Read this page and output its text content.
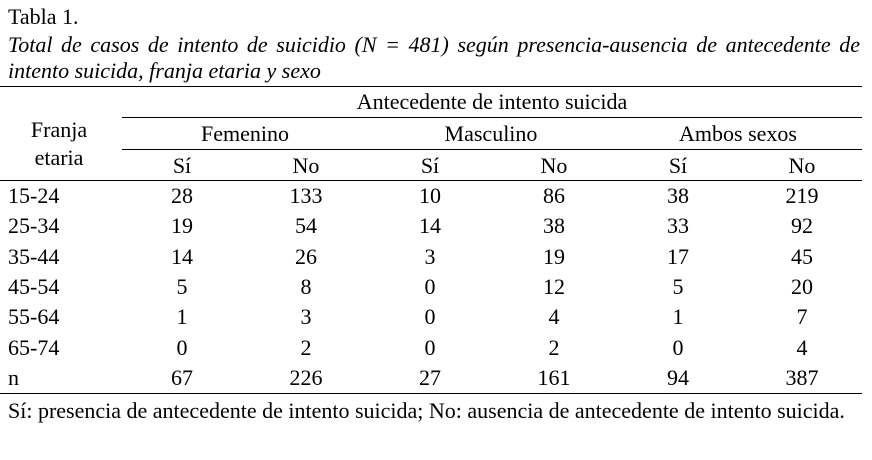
Tabla 1.
Total de casos de intento de suicidio (N = 481) según presencia-ausencia de antecedente de intento suicida, franja etaria y sexo
Franja
etaria
Antecedente de intento suicida
Femenino	Masculino	Ambos sexos
Sí	No	Sí	No	Sí	No
15-24	28	133	10	86	38	219
25-34	19	54	14	38	33	92
35-44	14	26	3	19	17	45
45-54	5	8	0	12	5	20
55-64	1	3	0	4	1	7
65-74	0	2	0	2	0	4
n	67	226	27	161	94	387
Sí: presencia de antecedente de intento suicida; No: ausencia de antecedente de intento suicida.
